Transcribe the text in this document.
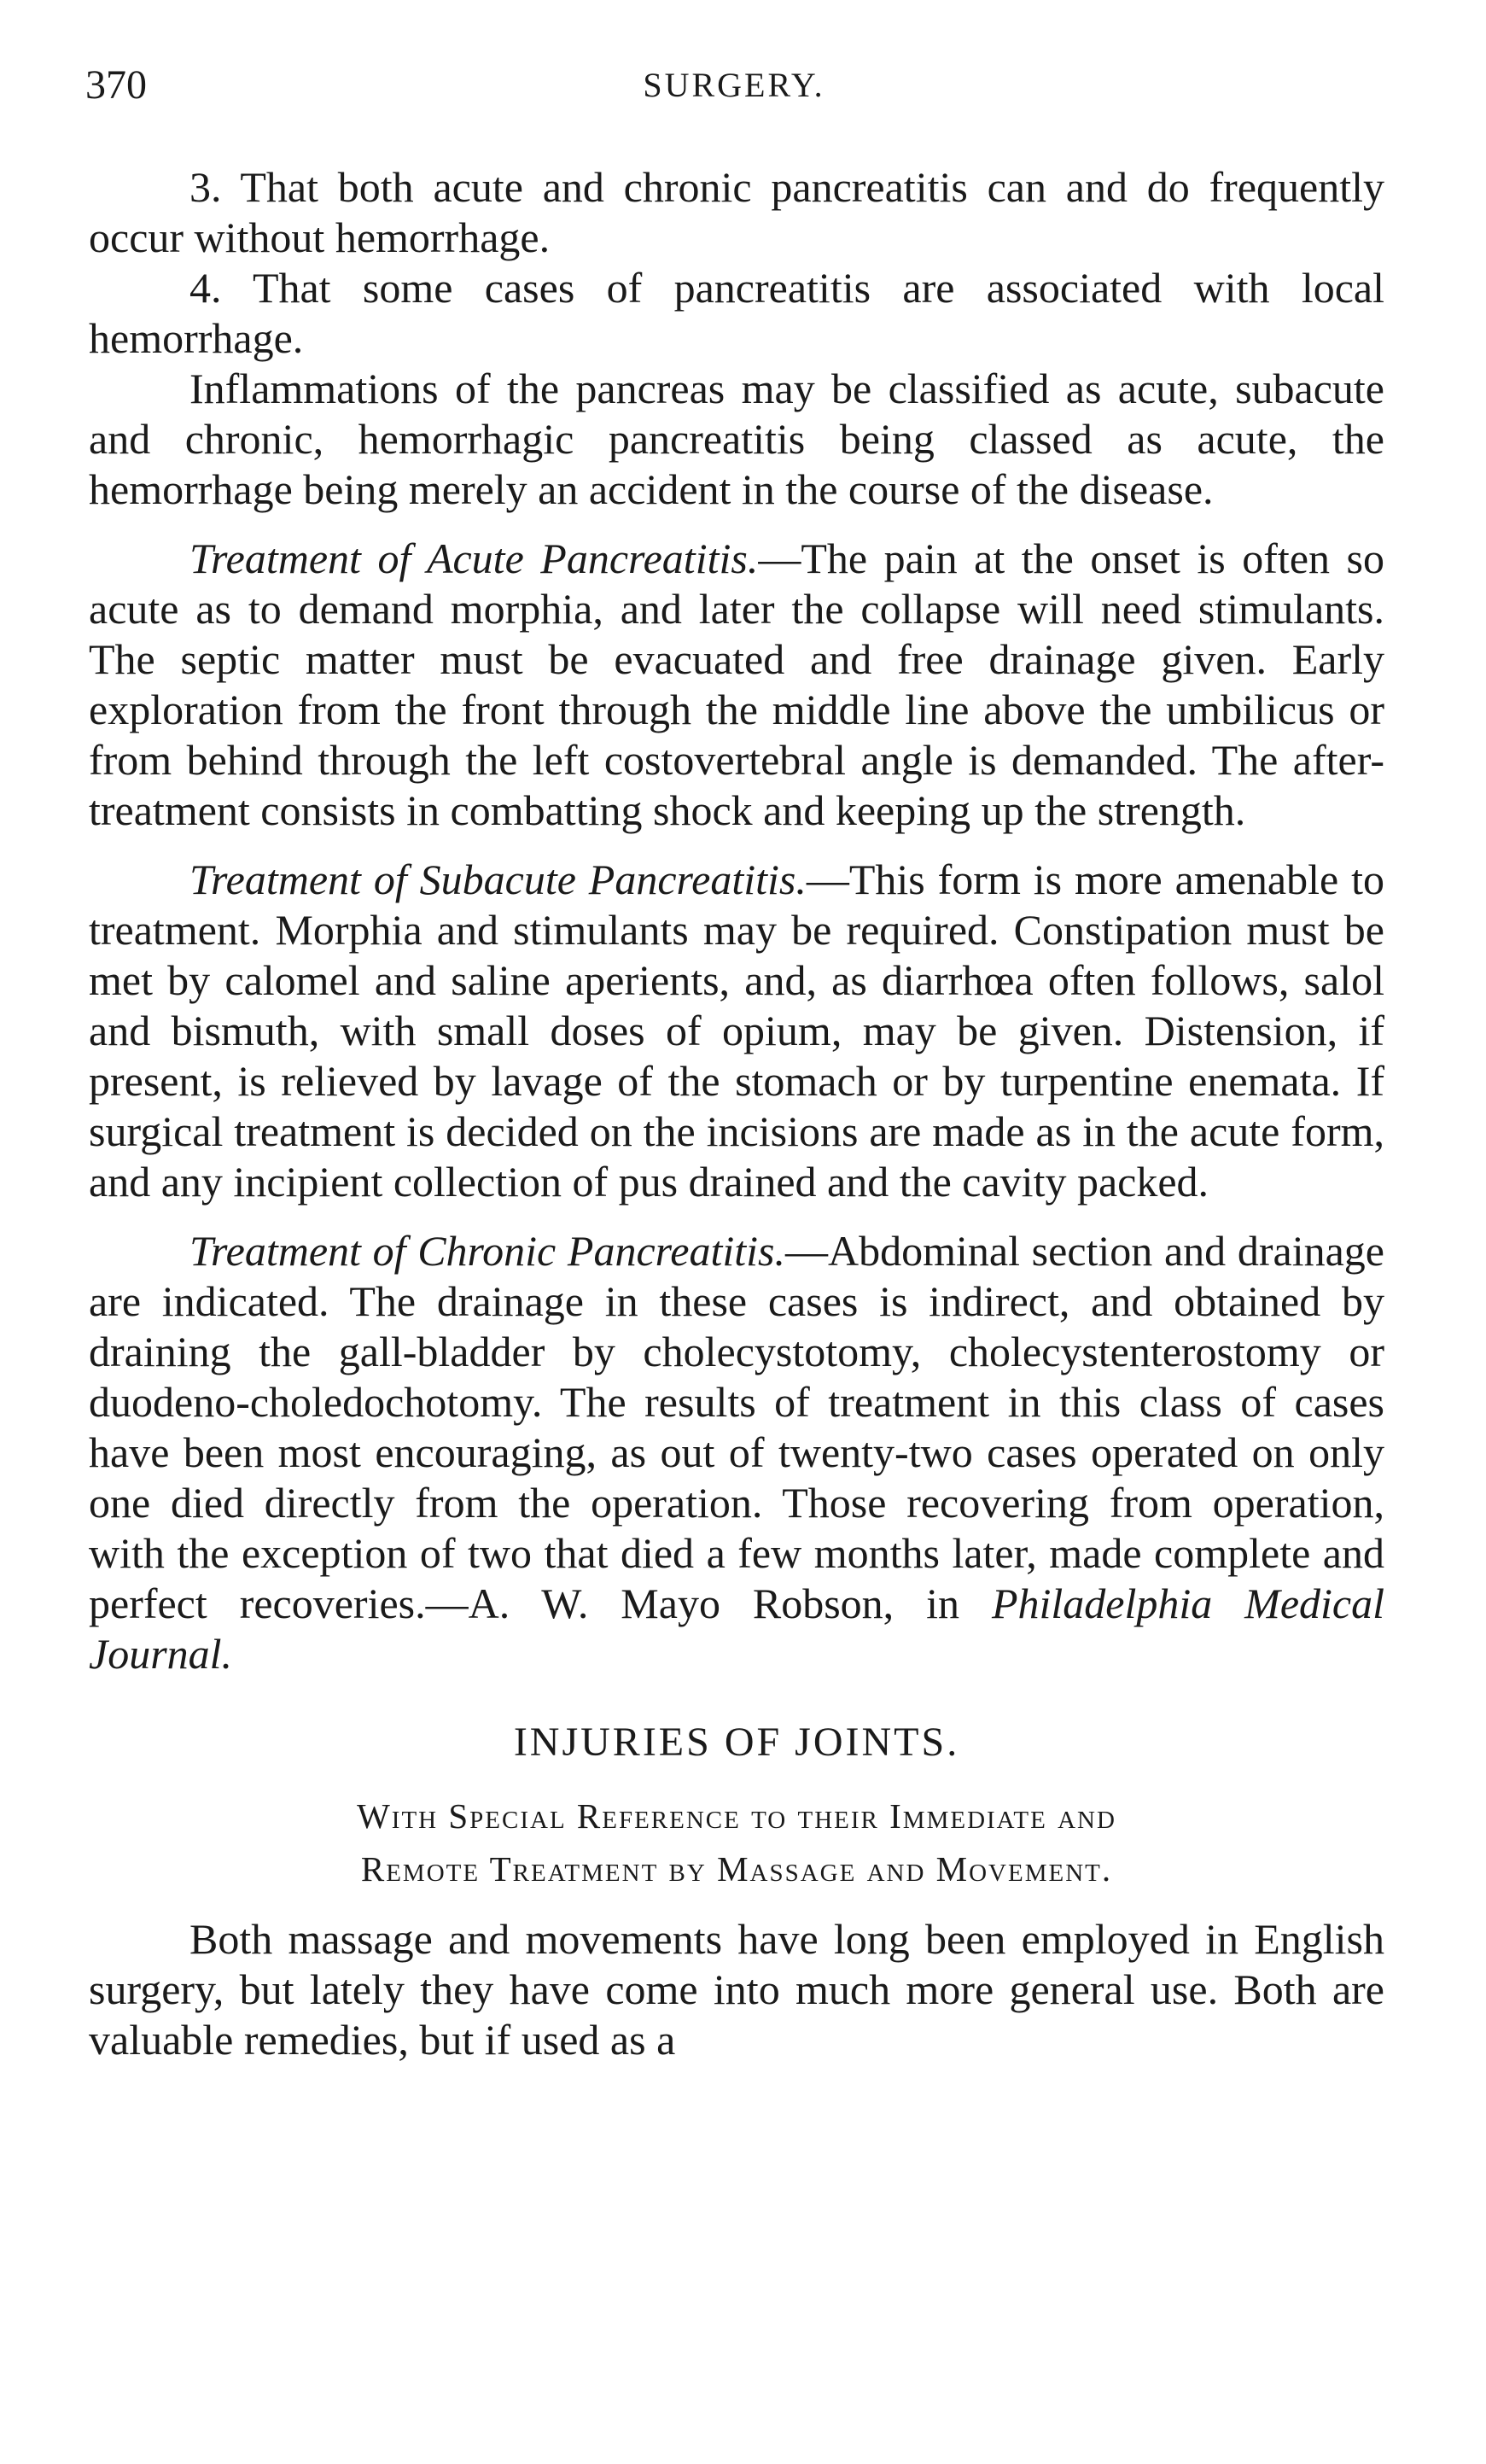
370	SURGERY.

3. That both acute and chronic pancreatitis can and do frequently occur without hemorrhage.

4. That some cases of pancreatitis are associated with local hemorrhage.

Inflammations of the pancreas may be classified as acute, subacute and chronic, hemorrhagic pancreatitis being classed as acute, the hemorrhage being merely an accident in the course of the disease.

Treatment of Acute Pancreatitis.—The pain at the onset is often so acute as to demand morphia, and later the collapse will need stimulants. The septic matter must be evacuated and free drainage given. Early exploration from the front through the middle line above the umbilicus or from behind through the left costovertebral angle is demanded. The after-treatment consists in combatting shock and keeping up the strength.

Treatment of Subacute Pancreatitis.—This form is more amenable to treatment. Morphia and stimulants may be required. Constipation must be met by calomel and saline aperients, and, as diarrhœa often follows, salol and bismuth, with small doses of opium, may be given. Distension, if present, is relieved by lavage of the stomach or by turpentine enemata. If surgical treatment is decided on the incisions are made as in the acute form, and any incipient collection of pus drained and the cavity packed.

Treatment of Chronic Pancreatitis.—Abdominal section and drainage are indicated. The drainage in these cases is indirect, and obtained by draining the gall-bladder by cholecystotomy, cholecystenterostomy or duodeno-choledochotomy. The results of treatment in this class of cases have been most encouraging, as out of twenty-two cases operated on only one died directly from the operation. Those recovering from operation, with the exception of two that died a few months later, made complete and perfect recoveries.—A. W. Mayo Robson, in Philadelphia Medical Journal.

INJURIES OF JOINTS.
With Special Reference to their Immediate and
Remote Treatment by Massage and Movement.

Both massage and movements have long been employed in English surgery, but lately they have come into much more general use. Both are valuable remedies, but if used as a
